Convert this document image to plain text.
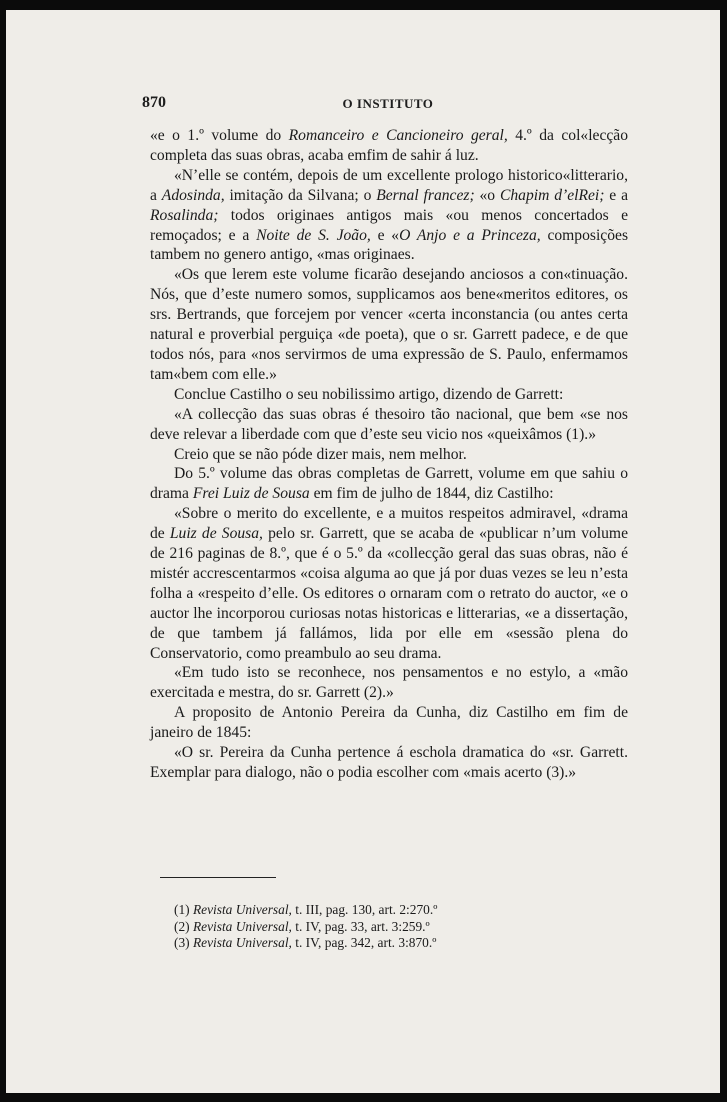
870	O INSTITUTO

«e o 1.º volume do Romanceiro e Cancioneiro geral, 4.º da col«lecção completa das suas obras, acaba emfim de sahir á luz.

«N’elle se contém, depois de um excellente prologo historico«litterario, a Adosinda, imitação da Silvana; o Bernal francez; «o Chapim d’elRei; e a Rosalinda; todos originaes antigos mais «ou menos concertados e remoçados; e a Noite de S. João, e «O Anjo e a Princeza, composições tambem no genero antigo, «mas originaes.

«Os que lerem este volume ficarão desejando anciosos a con«tinuação. Nós, que d’este numero somos, supplicamos aos bene«meritos editores, os srs. Bertrands, que forcejem por vencer «certa inconstancia (ou antes certa natural e proverbial perguiça «de poeta), que o sr. Garrett padece, e de que todos nós, para «nos servirmos de uma expressão de S. Paulo, enfermamos tam«bem com elle.»

Conclue Castilho o seu nobilissimo artigo, dizendo de Garrett:

«A collecção das suas obras é thesoiro tão nacional, que bem «se nos deve relevar a liberdade com que d’este seu vicio nos «queixâmos (1).»

Creio que se não póde dizer mais, nem melhor.

Do 5.º volume das obras completas de Garrett, volume em que sahiu o drama Frei Luiz de Sousa em fim de julho de 1844, diz Castilho:

«Sobre o merito do excellente, e a muitos respeitos admiravel, «drama de Luiz de Sousa, pelo sr. Garrett, que se acaba de «publicar n’um volume de 216 paginas de 8.º, que é o 5.º da «collecção geral das suas obras, não é mistér accrescentarmos «coisa alguma ao que já por duas vezes se leu n’esta folha a «respeito d’elle. Os editores o ornaram com o retrato do auctor, «e o auctor lhe incorporou curiosas notas historicas e litterarias, «e a dissertação, de que tambem já fallámos, lida por elle em «sessão plena do Conservatorio, como preambulo ao seu drama.

«Em tudo isto se reconhece, nos pensamentos e no estylo, a «mão exercitada e mestra, do sr. Garrett (2).»

A proposito de Antonio Pereira da Cunha, diz Castilho em fim de janeiro de 1845:

«O sr. Pereira da Cunha pertence á eschola dramatica do «sr. Garrett. Exemplar para dialogo, não o podia escolher com «mais acerto (3).»

(1) Revista Universal, t. III, pag. 130, art. 2:270.º

(2) Revista Universal, t. IV, pag. 33, art. 3:259.º

(3) Revista Universal, t. IV, pag. 342, art. 3:870.º
